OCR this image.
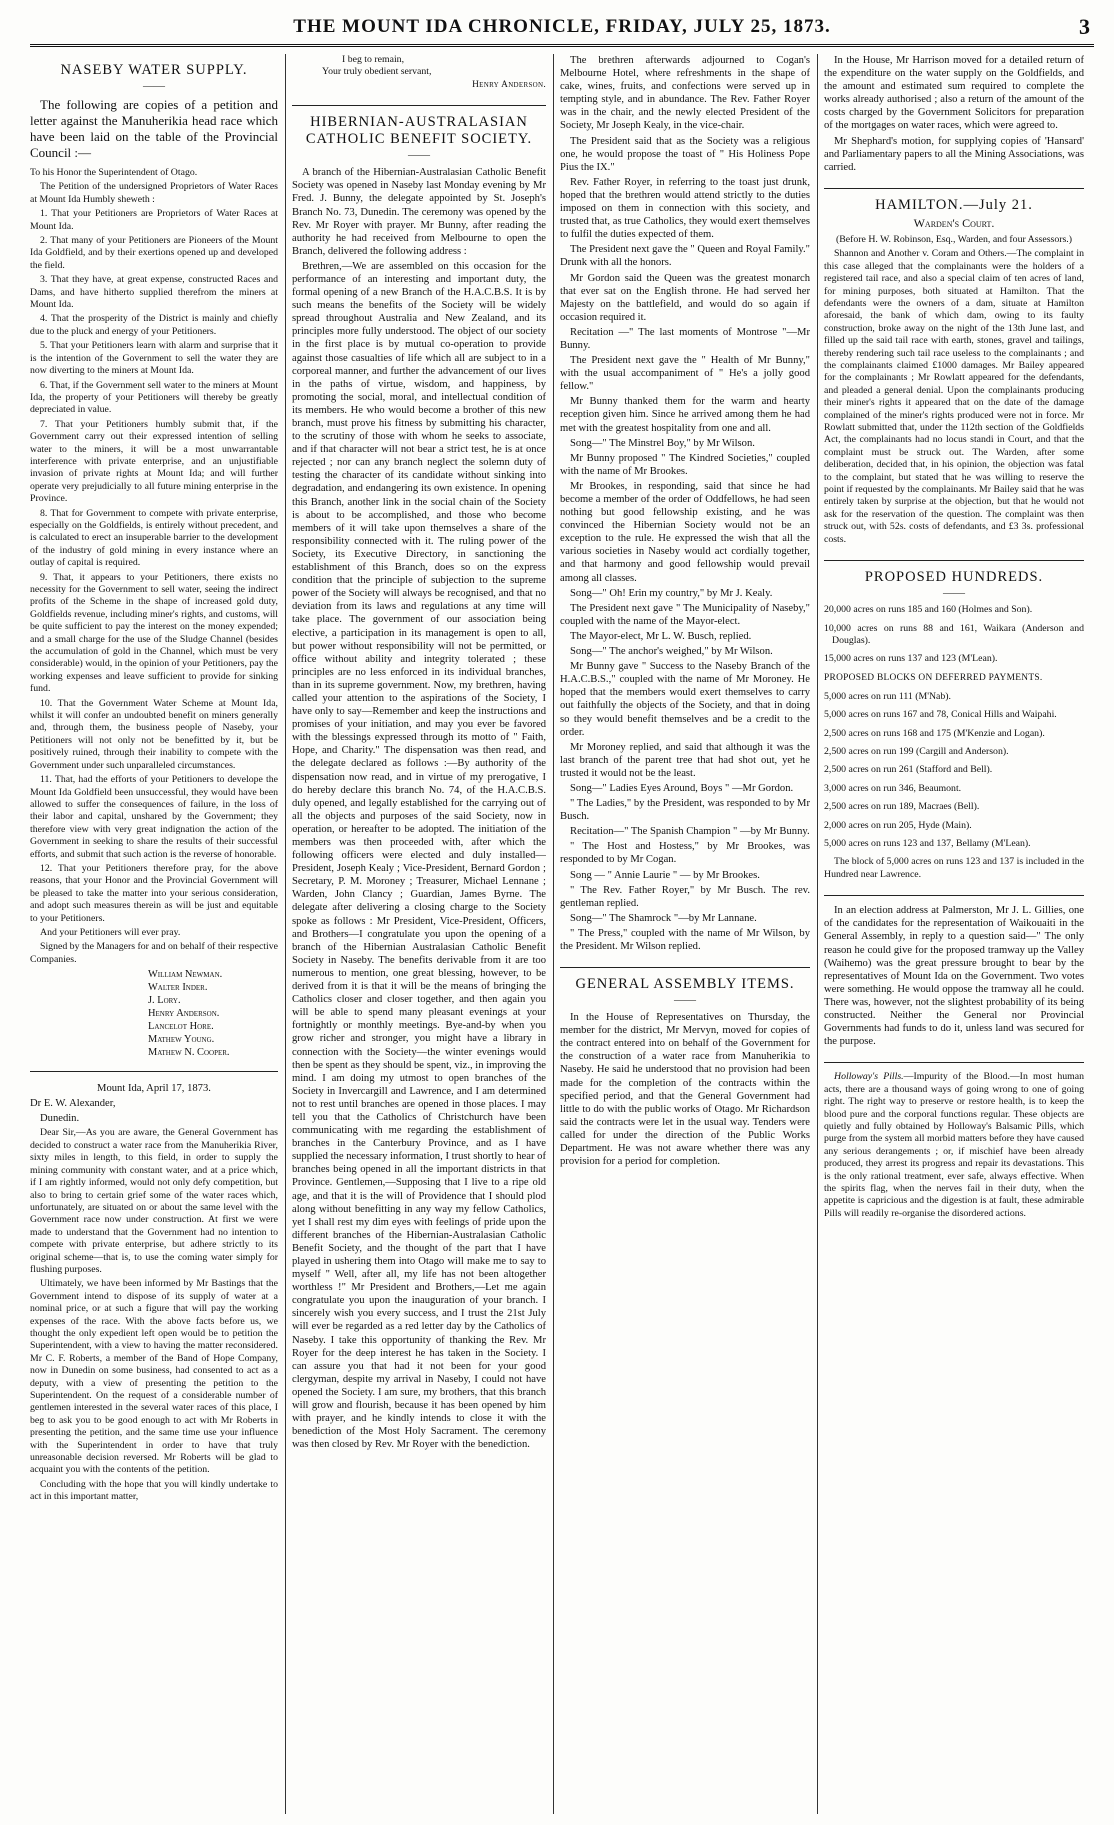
THE MOUNT IDA CHRONICLE, FRIDAY, JULY 25, 1873.	3
NASEBY WATER SUPPLY.
——

The following are copies of a petition and letter against the Manuherikia head race which have been laid on the table of the Provincial Council :—

To his Honor the Superintendent of Otago.

The Petition of the undersigned Proprietors of Water Races at Mount Ida Humbly sheweth :

1. That your Petitioners are Proprietors of Water Races at Mount Ida.

2. That many of your Petitioners are Pioneers of the Mount Ida Goldfield, and by their exertions opened up and developed the field.

3. That they have, at great expense, constructed Races and Dams, and have hitherto supplied therefrom the miners at Mount Ida.

4. That the prosperity of the District is mainly and chiefly due to the pluck and energy of your Petitioners.

5. That your Petitioners learn with alarm and surprise that it is the intention of the Government to sell the water they are now diverting to the miners at Mount Ida.

6. That, if the Government sell water to the miners at Mount Ida, the property of your Petitioners will thereby be greatly depreciated in value.

7. That your Petitioners humbly submit that, if the Government carry out their expressed intention of selling water to the miners, it will be a most unwarrantable interference with private enterprise, and an unjustifiable invasion of private rights at Mount Ida; and will further operate very prejudicially to all future mining enterprise in the Province.

8. That for Government to compete with private enterprise, especially on the Goldfields, is entirely without precedent, and is calculated to erect an insuperable barrier to the development of the industry of gold mining in every instance where an outlay of capital is required.

9. That, it appears to your Petitioners, there exists no necessity for the Government to sell water, seeing the indirect profits of the Scheme in the shape of increased gold duty, Goldfields revenue, including miner's rights, and customs, will be quite sufficient to pay the interest on the money expended; and a small charge for the use of the Sludge Channel (besides the accumulation of gold in the Channel, which must be very considerable) would, in the opinion of your Petitioners, pay the working expenses and leave sufficient to provide for sinking fund.

10. That the Government Water Scheme at Mount Ida, whilst it will confer an undoubted benefit on miners generally and, through them, the business people of Naseby, your Petitioners will not only not be benefitted by it, but be positively ruined, through their inability to compete with the Government under such unparalleled circumstances.

11. That, had the efforts of your Petitioners to develope the Mount Ida Goldfield been unsuccessful, they would have been allowed to suffer the consequences of failure, in the loss of their labor and capital, unshared by the Government; they therefore view with very great indignation the action of the Government in seeking to share the results of their successful efforts, and submit that such action is the reverse of honorable.

12. That your Petitioners therefore pray, for the above reasons, that your Honor and the Provincial Government will be pleased to take the matter into your serious consideration, and adopt such measures therein as will be just and equitable to your Petitioners.

And your Petitioners will ever pray.

Signed by the Managers for and on behalf of their respective Companies.

William Newman.
Walter Inder.
J. Lory.
Henry Anderson.
Lancelot Hore.
Mathew Young.
Mathew N. Cooper.

Mount Ida, April 17, 1873.

Dr E. W. Alexander,

Dunedin.

Dear Sir,—As you are aware, the General Government has decided to construct a water race from the Manuherikia River, sixty miles in length, to this field, in order to supply the mining community with constant water, and at a price which, if I am rightly informed, would not only defy competition, but also to bring to certain grief some of the water races which, unfortunately, are situated on or about the same level with the Government race now under construction. At first we were made to understand that the Government had no intention to compete with private enterprise, but adhere strictly to its original scheme—that is, to use the coming water simply for flushing purposes.

Ultimately, we have been informed by Mr Bastings that the Government intend to dispose of its supply of water at a nominal price, or at such a figure that will pay the working expenses of the race. With the above facts before us, we thought the only expedient left open would be to petition the Superintendent, with a view to having the matter reconsidered. Mr C. F. Roberts, a member of the Band of Hope Company, now in Dunedin on some business, had consented to act as a deputy, with a view of presenting the petition to the Superintendent. On the request of a considerable number of gentlemen interested in the several water races of this place, I beg to ask you to be good enough to act with Mr Roberts in presenting the petition, and the same time use your influence with the Superintendent in order to have that truly unreasonable decision reversed. Mr Roberts will be glad to acquaint you with the contents of the petition.

Concluding with the hope that you will kindly undertake to act in this important matter,

I beg to remain,
Your truly obedient servant,
Henry Anderson.
HIBERNIAN-AUSTRALASIAN CATHOLIC BENEFIT SOCIETY.
——

A branch of the Hibernian-Australasian Catholic Benefit Society was opened in Naseby last Monday evening by Mr Fred. J. Bunny, the delegate appointed by St. Joseph's Branch No. 73, Dunedin. The ceremony was opened by the Rev. Mr Royer with prayer. Mr Bunny, after reading the authority he had received from Melbourne to open the Branch, delivered the following address :

Brethren,—We are assembled on this occasion for the performance of an interesting and important duty, the formal opening of a new Branch of the H.A.C.B.S. It is by such means the benefits of the Society will be widely spread throughout Australia and New Zealand, and its principles more fully understood. The object of our society in the first place is by mutual co-operation to provide against those casualties of life which all are subject to in a corporeal manner, and further the advancement of our lives in the paths of virtue, wisdom, and happiness, by promoting the social, moral, and intellectual condition of its members. He who would become a brother of this new branch, must prove his fitness by submitting his character, to the scrutiny of those with whom he seeks to associate, and if that character will not bear a strict test, he is at once rejected ; nor can any branch neglect the solemn duty of testing the character of its candidate without sinking into degradation, and endangering its own existence. In opening this Branch, another link in the social chain of the Society is about to be accomplished, and those who become members of it will take upon themselves a share of the responsibility connected with it. The ruling power of the Society, its Executive Directory, in sanctioning the establishment of this Branch, does so on the express condition that the principle of subjection to the supreme power of the Society will always be recognised, and that no deviation from its laws and regulations at any time will take place. The government of our association being elective, a participation in its management is open to all, but power without responsibility will not be permitted, or office without ability and integrity tolerated ; these principles are no less enforced in its individual branches, than in its supreme government. Now, my brethren, having called your attention to the aspirations of the Society, I have only to say—Remember and keep the instructions and promises of your initiation, and may you ever be favored with the blessings expressed through its motto of " Faith, Hope, and Charity." The dispensation was then read, and the delegate declared as follows :—By authority of the dispensation now read, and in virtue of my prerogative, I do hereby declare this branch No. 74, of the H.A.C.B.S. duly opened, and legally established for the carrying out of all the objects and purposes of the said Society, now in operation, or hereafter to be adopted. The initiation of the members was then proceeded with, after which the following officers were elected and duly installed—President, Joseph Kealy ; Vice-President, Bernard Gordon ; Secretary, P. M. Moroney ; Treasurer, Michael Lennane ; Warden, John Clancy ; Guardian, James Byrne. The delegate after delivering a closing charge to the Society spoke as follows : Mr President, Vice-President, Officers, and Brothers—I congratulate you upon the opening of a branch of the Hibernian Australasian Catholic Benefit Society in Naseby. The benefits derivable from it are too numerous to mention, one great blessing, however, to be derived from it is that it will be the means of bringing the Catholics closer and closer together, and then again you will be able to spend many pleasant evenings at your fortnightly or monthly meetings. Bye-and-by when you grow richer and stronger, you might have a library in connection with the Society—the winter evenings would then be spent as they should be spent, viz., in improving the mind. I am doing my utmost to open branches of the Society in Invercargill and Lawrence, and I am determined not to rest until branches are opened in those places. I may tell you that the Catholics of Christchurch have been communicating with me regarding the establishment of branches in the Canterbury Province, and as I have supplied the necessary information, I trust shortly to hear of branches being opened in all the important districts in that Province. Gentlemen,—Supposing that I live to a ripe old age, and that it is the will of Providence that I should plod along without benefitting in any way my fellow Catholics, yet I shall rest my dim eyes with feelings of pride upon the different branches of the Hibernian-Australasian Catholic Benefit Society, and the thought of the part that I have played in ushering them into Otago will make me to say to myself " Well, after all, my life has not been altogether worthless !" Mr President and Brothers,—Let me again congratulate you upon the inauguration of your branch. I sincerely wish you every success, and I trust the 21st July will ever be regarded as a red letter day by the Catholics of Naseby. I take this opportunity of thanking the Rev. Mr Royer for the deep interest he has taken in the Society. I can assure you that had it not been for your good clergyman, despite my arrival in Naseby, I could not have opened the Society. I am sure, my brothers, that this branch will grow and flourish, because it has been opened by him with prayer, and he kindly intends to close it with the benediction of the Most Holy Sacrament. The ceremony was then closed by Rev. Mr Royer with the benediction.

The brethren afterwards adjourned to Cogan's Melbourne Hotel, where refreshments in the shape of cake, wines, fruits, and confections were served up in tempting style, and in abundance. The Rev. Father Royer was in the chair, and the newly elected President of the Society, Mr Joseph Kealy, in the vice-chair.

The President said that as the Society was a religious one, he would propose the toast of " His Holiness Pope Pius the IX."

Rev. Father Royer, in referring to the toast just drunk, hoped that the brethren would attend strictly to the duties imposed on them in connection with this society, and trusted that, as true Catholics, they would exert themselves to fulfil the duties expected of them.

The President next gave the " Queen and Royal Family." Drunk with all the honors.

Mr Gordon said the Queen was the greatest monarch that ever sat on the English throne. He had served her Majesty on the battlefield, and would do so again if occasion required it.

Recitation —" The last moments of Montrose "—Mr Bunny.

The President next gave the " Health of Mr Bunny," with the usual accompaniment of " He's a jolly good fellow."

Mr Bunny thanked them for the warm and hearty reception given him. Since he arrived among them he had met with the greatest hospitality from one and all.

Song—" The Minstrel Boy," by Mr Wilson.

Mr Bunny proposed " The Kindred Societies," coupled with the name of Mr Brookes.

Mr Brookes, in responding, said that since he had become a member of the order of Oddfellows, he had seen nothing but good fellowship existing, and he was convinced the Hibernian Society would not be an exception to the rule. He expressed the wish that all the various societies in Naseby would act cordially together, and that harmony and good fellowship would prevail among all classes.

Song—" Oh! Erin my country," by Mr J. Kealy.

The President next gave " The Municipality of Naseby," coupled with the name of the Mayor-elect.

The Mayor-elect, Mr L. W. Busch, replied.

Song—" The anchor's weighed," by Mr Wilson.

Mr Bunny gave " Success to the Naseby Branch of the H.A.C.B.S.," coupled with the name of Mr Moroney. He hoped that the members would exert themselves to carry out faithfully the objects of the Society, and that in doing so they would benefit themselves and be a credit to the order.

Mr Moroney replied, and said that although it was the last branch of the parent tree that had shot out, yet he trusted it would not be the least.

Song—" Ladies Eyes Around, Boys " —Mr Gordon.

" The Ladies," by the President, was responded to by Mr Busch.

Recitation—" The Spanish Champion " —by Mr Bunny.

" The Host and Hostess," by Mr Brookes, was responded to by Mr Cogan.

Song — " Annie Laurie " — by Mr Brookes.

" The Rev. Father Royer," by Mr Busch. The rev. gentleman replied.

Song—" The Shamrock "—by Mr Lannane.

" The Press," coupled with the name of Mr Wilson, by the President. Mr Wilson replied.

GENERAL ASSEMBLY ITEMS.
——

In the House of Representatives on Thursday, the member for the district, Mr Mervyn, moved for copies of the contract entered into on behalf of the Government for the construction of a water race from Manuherikia to Naseby. He said he understood that no provision had been made for the completion of the contracts within the specified period, and that the General Government had little to do with the public works of Otago. Mr Richardson said the contracts were let in the usual way. Tenders were called for under the direction of the Public Works Department. He was not aware whether there was any provision for a period for completion.

In the House, Mr Harrison moved for a detailed return of the expenditure on the water supply on the Goldfields, and the amount and estimated sum required to complete the works already authorised ; also a return of the amount of the costs charged by the Government Solicitors for preparation of the mortgages on water races, which were agreed to.

Mr Shephard's motion, for supplying copies of 'Hansard' and Parliamentary papers to all the Mining Associations, was carried.

HAMILTON.—July 21.
Warden's Court.

(Before H. W. Robinson, Esq., Warden, and four Assessors.)

Shannon and Another v. Coram and Others.—The complaint in this case alleged that the complainants were the holders of a registered tail race, and also a special claim of ten acres of land, for mining purposes, both situated at Hamilton. That the defendants were the owners of a dam, situate at Hamilton aforesaid, the bank of which dam, owing to its faulty construction, broke away on the night of the 13th June last, and filled up the said tail race with earth, stones, gravel and tailings, thereby rendering such tail race useless to the complainants ; and the complainants claimed £1000 damages. Mr Bailey appeared for the complainants ; Mr Rowlatt appeared for the defendants, and pleaded a general denial. Upon the complainants producing their miner's rights it appeared that on the date of the damage complained of the miner's rights produced were not in force. Mr Rowlatt submitted that, under the 112th section of the Goldfields Act, the complainants had no locus standi in Court, and that the complaint must be struck out. The Warden, after some deliberation, decided that, in his opinion, the objection was fatal to the complaint, but stated that he was willing to reserve the point if requested by the complainants. Mr Bailey said that he was entirely taken by surprise at the objection, but that he would not ask for the reservation of the question. The complaint was then struck out, with 52s. costs of defendants, and £3 3s. professional costs.

PROPOSED HUNDREDS.
——

20,000 acres on runs 185 and 160 (Holmes and Son).

10,000 acres on runs 88 and 161, Waikara (Anderson and Douglas).

15,000 acres on runs 137 and 123 (M'Lean).

PROPOSED BLOCKS ON DEFERRED PAYMENTS.

5,000 acres on run 111 (M'Nab).

5,000 acres on runs 167 and 78, Conical Hills and Waipahi.

2,500 acres on runs 168 and 175 (M'Kenzie and Logan).

2,500 acres on run 199 (Cargill and Anderson).

2,500 acres on run 261 (Stafford and Bell).

3,000 acres on run 346, Beaumont.

2,500 acres on run 189, Macraes (Bell).

2,000 acres on run 205, Hyde (Main).

5,000 acres on runs 123 and 137, Bellamy (M'Lean).

The block of 5,000 acres on runs 123 and 137 is included in the Hundred near Lawrence.

In an election address at Palmerston, Mr J. L. Gillies, one of the candidates for the representation of Waikouaiti in the General Assembly, in reply to a question said—" The only reason he could give for the proposed tramway up the Valley (Waihemo) was the great pressure brought to bear by the representatives of Mount Ida on the Government. Two votes were something. He would oppose the tramway all he could. There was, however, not the slightest probability of its being constructed. Neither the General nor Provincial Governments had funds to do it, unless land was secured for the purpose.

Holloway's Pills.—Impurity of the Blood.—In most human acts, there are a thousand ways of going wrong to one of going right. The right way to preserve or restore health, is to keep the blood pure and the corporal functions regular. These objects are quietly and fully obtained by Holloway's Balsamic Pills, which purge from the system all morbid matters before they have caused any serious derangements ; or, if mischief have been already produced, they arrest its progress and repair its devastations. This is the only rational treatment, ever safe, always effective. When the spirits flag, when the nerves fail in their duty, when the appetite is capricious and the digestion is at fault, these admirable Pills will readily re-organise the disordered actions.
